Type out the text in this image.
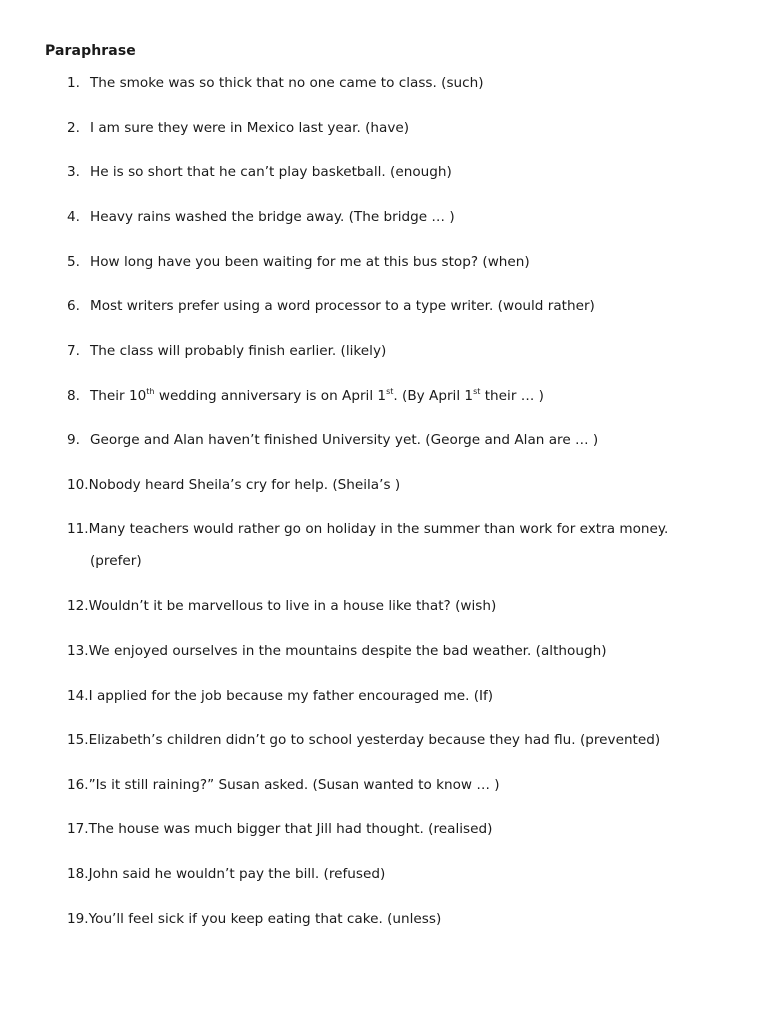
Paraphrase
1. The smoke was so thick that no one came to class. (such)
2. I am sure they were in Mexico last year. (have)
3. He is so short that he can’t play basketball. (enough)
4. Heavy rains washed the bridge away. (The bridge … )
5. How long have you been waiting for me at this bus stop? (when)
6. Most writers prefer using a word processor to a type writer. (would rather)
7. The class will probably finish earlier. (likely)
8. Their 10th wedding anniversary is on April 1st. (By April 1st their … )
9. George and Alan haven’t finished University yet. (George and Alan are … )
10.Nobody heard Sheila’s cry for help. (Sheila’s )
11.Many teachers would rather go on holiday in the summer than work for extra money.
(prefer)
12.Wouldn’t it be marvellous to live in a house like that? (wish)
13.We enjoyed ourselves in the mountains despite the bad weather. (although)
14.I applied for the job because my father encouraged me. (If)
15.Elizabeth’s children didn’t go to school yesterday because they had flu. (prevented)
16.”Is it still raining?” Susan asked. (Susan wanted to know … )
17.The house was much bigger that Jill had thought. (realised)
18.John said he wouldn’t pay the bill. (refused)
19.You’ll feel sick if you keep eating that cake. (unless)
